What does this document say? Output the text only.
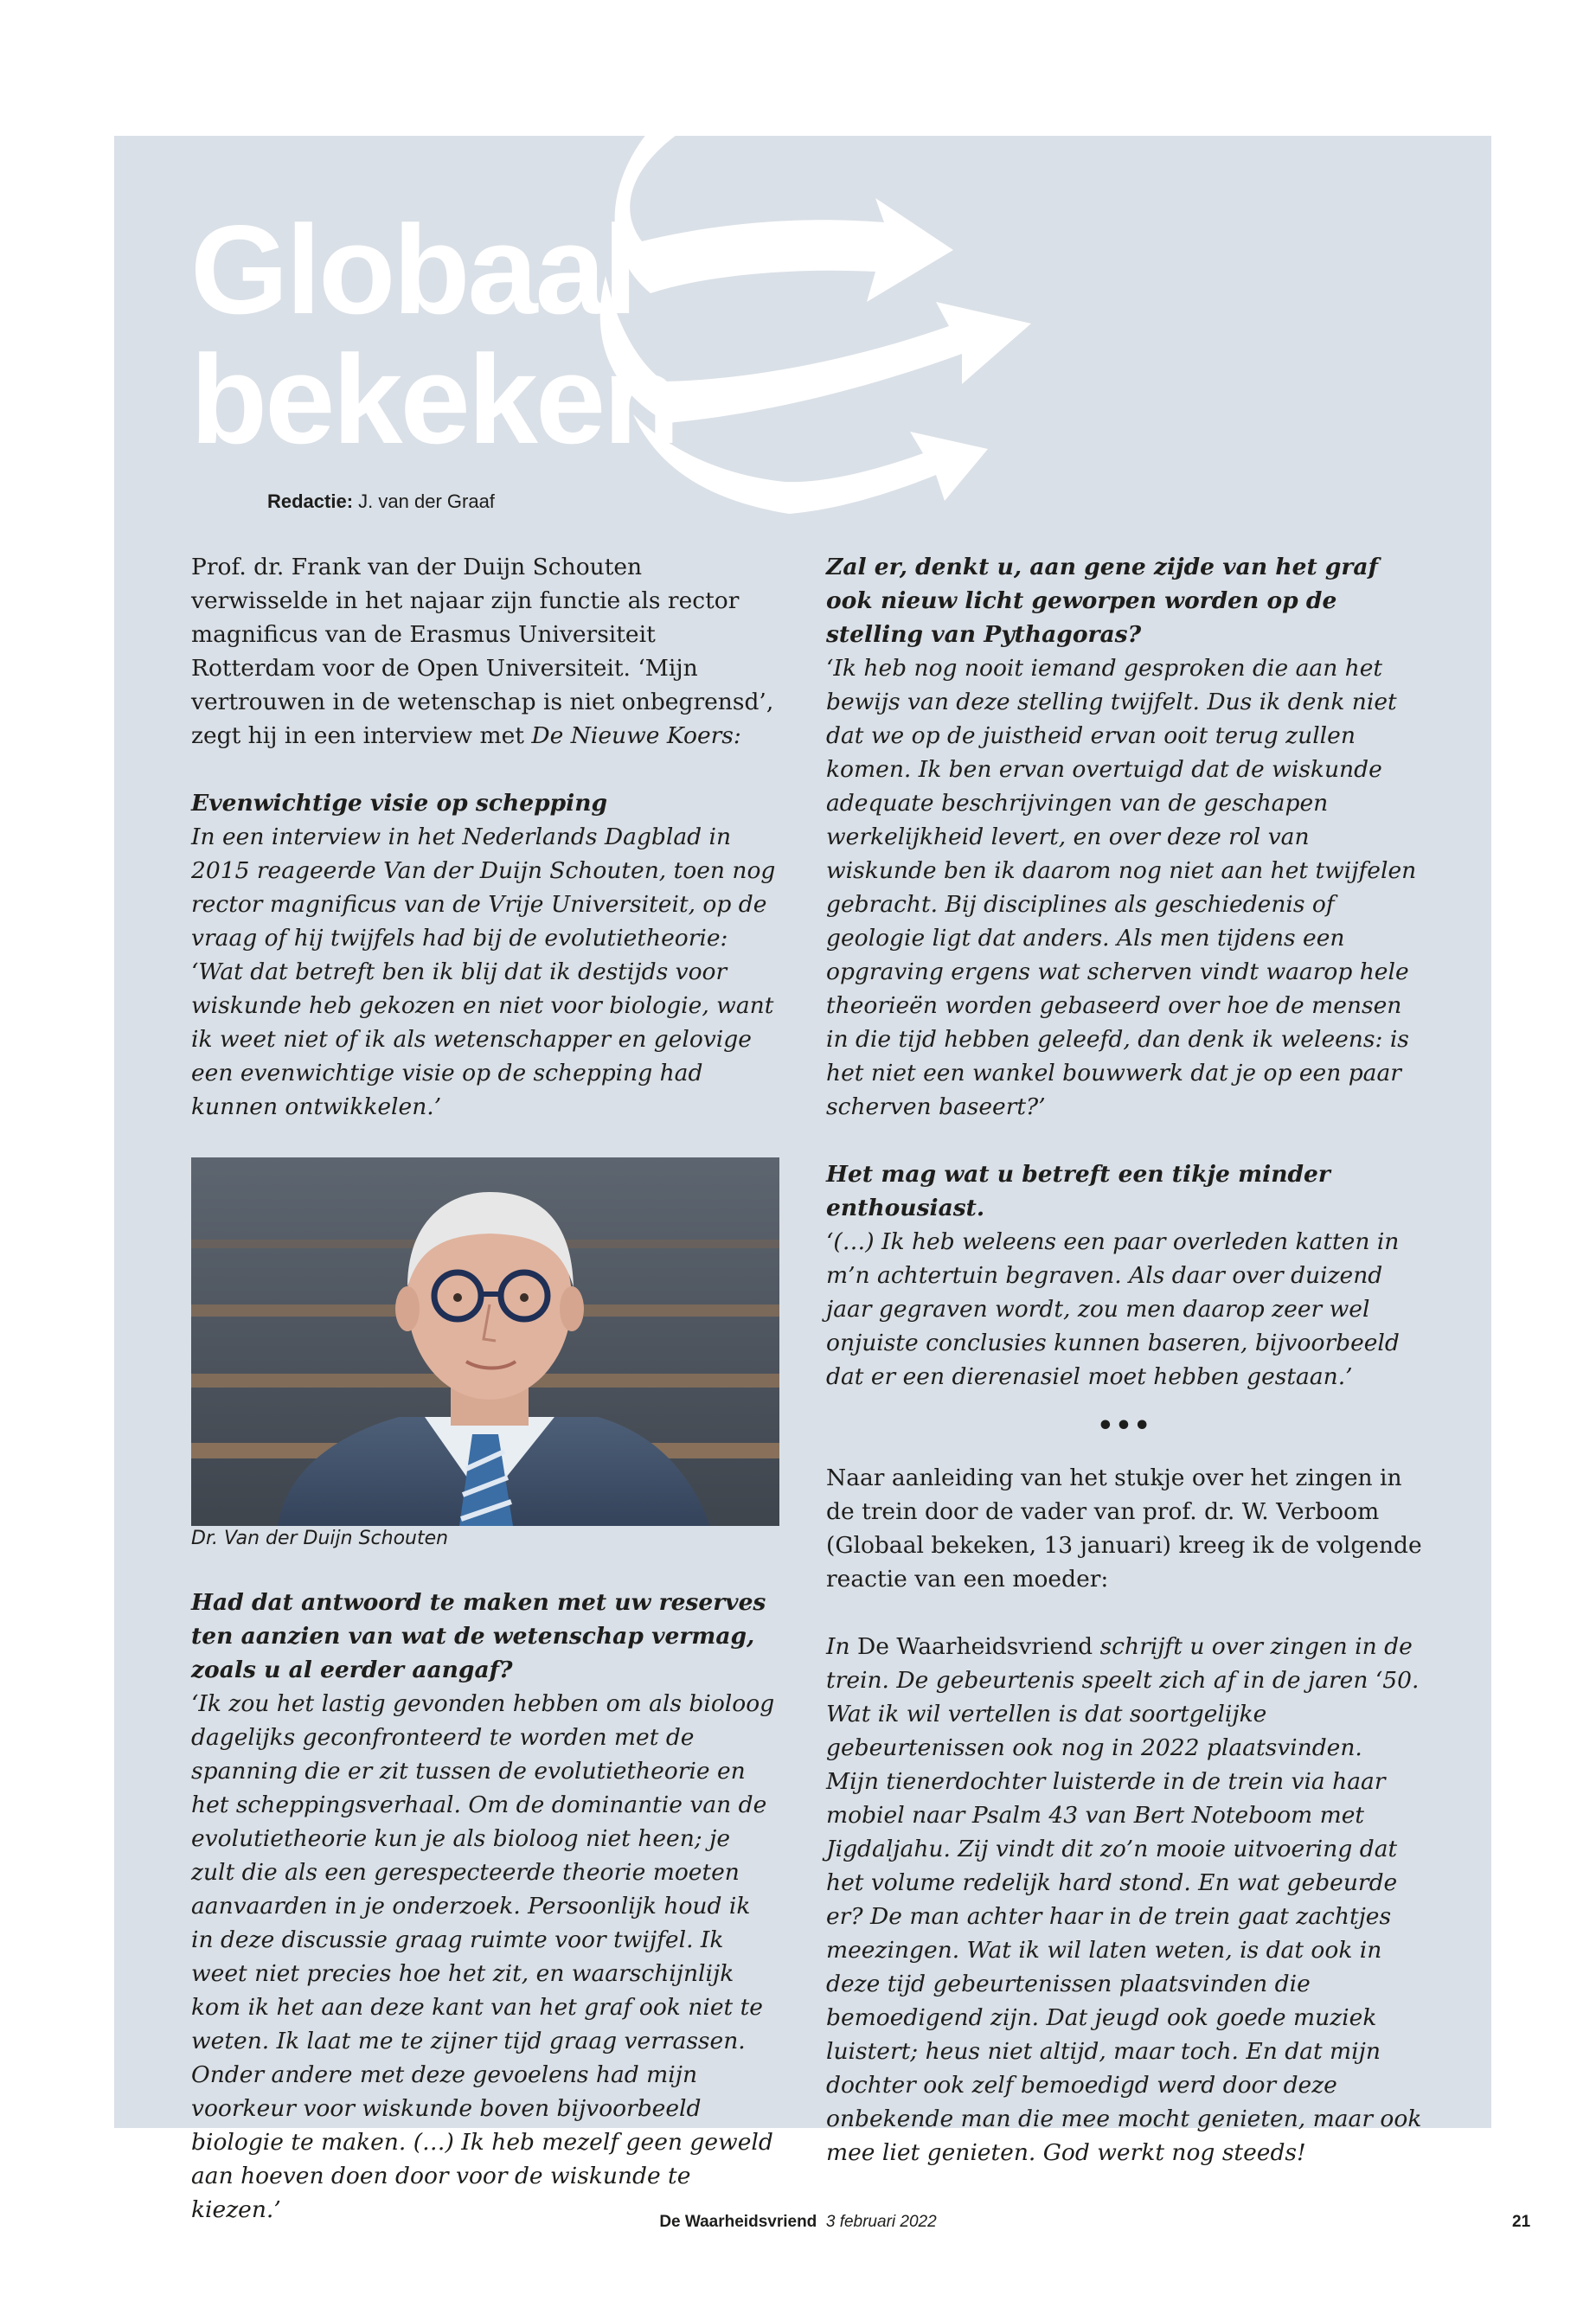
Globaal
bekeken
Redactie: J. van der Graaf

Prof. dr. Frank van der Duijn Schouten verwisselde in het najaar zijn functie als rector magnificus van de Erasmus Universiteit Rotterdam voor de Open Universiteit. ‘Mijn vertrouwen in de wetenschap is niet onbegrensd’, zegt hij in een interview met De Nieuwe Koers:

Evenwichtige visie op schepping

In een interview in het Nederlands Dagblad in 2015 reageerde Van der Duijn Schouten, toen nog rector magnificus van de Vrije Universiteit, op de vraag of hij twijfels had bij de evolutietheorie: ‘Wat dat betreft ben ik blij dat ik destijds voor wiskunde heb gekozen en niet voor biologie, want ik weet niet of ik als wetenschapper en gelovige een evenwichtige visie op de schepping had kunnen ontwikkelen.’

Dr. Van der Duijn Schouten

Had dat antwoord te maken met uw reserves ten aanzien van wat de wetenschap vermag, zoals u al eerder aangaf?

‘Ik zou het lastig gevonden hebben om als bioloog dagelijks geconfronteerd te worden met de spanning die er zit tussen de evolutietheorie en het scheppingsverhaal. Om de dominantie van de evolutietheorie kun je als bioloog niet heen; je zult die als een gerespecteerde theorie moeten aanvaarden in je onderzoek. Persoonlijk houd ik in deze discussie graag ruimte voor twijfel. Ik weet niet precies hoe het zit, en waarschijnlijk kom ik het aan deze kant van het graf ook niet te weten. Ik laat me te zijner tijd graag verrassen. Onder andere met deze gevoelens had mijn voorkeur voor wiskunde boven bijvoorbeeld biologie te maken. (…) Ik heb mezelf geen geweld aan hoeven doen door voor de wiskunde te kiezen.’

Zal er, denkt u, aan gene zijde van het graf ook nieuw licht geworpen worden op de stelling van Pythagoras?

‘Ik heb nog nooit iemand gesproken die aan het bewijs van deze stelling twijfelt. Dus ik denk niet dat we op de juistheid ervan ooit terug zullen komen. Ik ben ervan overtuigd dat de wiskunde adequate beschrijvingen van de geschapen werkelijkheid levert, en over deze rol van wiskunde ben ik daarom nog niet aan het twijfelen gebracht. Bij disciplines als geschiedenis of geologie ligt dat anders. Als men tijdens een opgraving ergens wat scherven vindt waarop hele theorieën worden gebaseerd over hoe de mensen in die tijd hebben geleefd, dan denk ik weleens: is het niet een wankel bouwwerk dat je op een paar scherven baseert?’

Het mag wat u betreft een tikje minder enthousiast.

‘(…) Ik heb weleens een paar overleden katten in m’n achtertuin begraven. Als daar over duizend jaar gegraven wordt, zou men daarop zeer wel onjuiste conclusies kunnen baseren, bijvoorbeeld dat er een dierenasiel moet hebben gestaan.’

•••

Naar aanleiding van het stukje over het zingen in de trein door de vader van prof. dr. W. Verboom (Globaal bekeken, 13 januari) kreeg ik de volgende reactie van een moeder:

In De Waarheidsvriend schrijft u over zingen in de trein. De gebeurtenis speelt zich af in de jaren ‘50. Wat ik wil vertellen is dat soortgelijke gebeurtenissen ook nog in 2022 plaatsvinden.

Mijn tienerdochter luisterde in de trein via haar mobiel naar Psalm 43 van Bert Noteboom met Jigdaljahu. Zij vindt dit zo’n mooie uitvoering dat het volume redelijk hard stond. En wat gebeurde er? De man achter haar in de trein gaat zachtjes meezingen. Wat ik wil laten weten, is dat ook in deze tijd gebeurtenissen plaatsvinden die bemoedigend zijn. Dat jeugd ook goede muziek luistert; heus niet altijd, maar toch. En dat mijn dochter ook zelf bemoedigd werd door deze onbekende man die mee mocht genieten, maar ook mee liet genieten. God werkt nog steeds!

De Waarheidsvriend 3 februari 2022	21
